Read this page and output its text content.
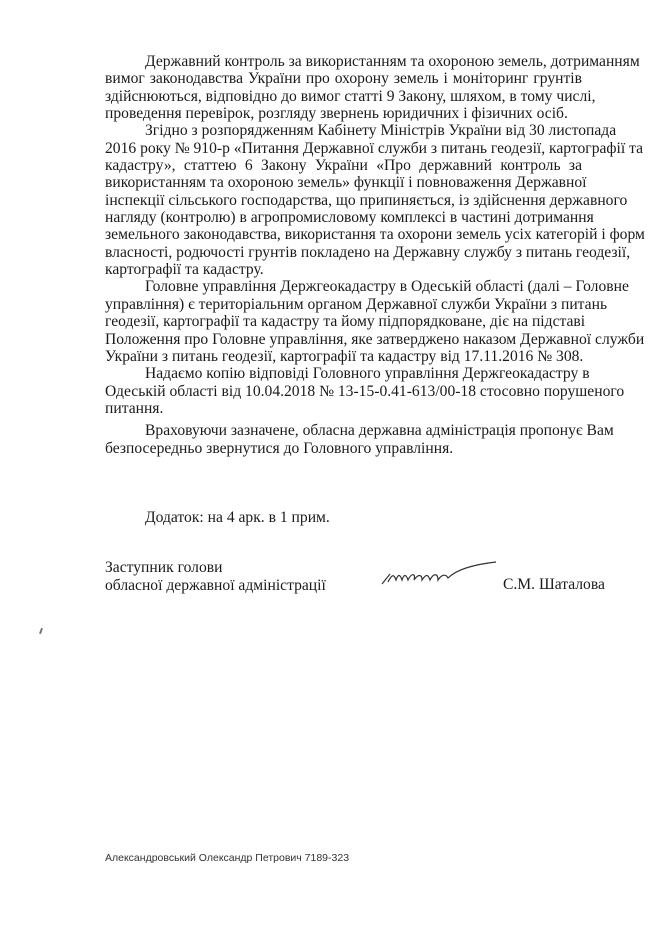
Державний контроль за використанням та охороною земель, дотриманням
вимог законодавства України про охорону земель і моніторинг грунтів
здійснюються, відповідно до вимог статті 9 Закону, шляхом, в тому числі,
проведення перевірок, розгляду звернень юридичних і фізичних осіб.
Згідно з розпорядженням Кабінету Міністрів України від 30 листопада
2016 року № 910-р «Питання Державної служби з питань геодезії, картографії та
кадастру», статтею 6 Закону України «Про державний контроль за
використанням та охороною земель» функції і повноваження Державної
інспекції сільського господарства, що припиняється, із здійснення державного
нагляду (контролю) в агропромисловому комплексі в частині дотримання
земельного законодавства, використання та охорони земель усіх категорій і форм
власності, родючості грунтів покладено на Державну службу з питань геодезії,
картографії та кадастру.
Головне управління Держгеокадастру в Одеській області (далі – Головне
управління) є територіальним органом Державної служби України з питань
геодезії, картографії та кадастру та йому підпорядковане, діє на підставі
Положення про Головне управління, яке затверджено наказом Державної служби
України з питань геодезії, картографії та кадастру від 17.11.2016 № 308.
Надаємо копію відповіді Головного управління Держгеокадастру в
Одеській області від 10.04.2018 № 13-15-0.41-613/00-18 стосовно порушеного
питання.
Враховуючи зазначене, обласна державна адміністрація пропонує Вам
безпосередньо звернутися до Головного управління.
Додаток: на 4 арк. в 1 прим.
Заступник голови
обласної державної адміністрації	С.М. Шаталова
Александровський Олександр Петрович 7189-323
